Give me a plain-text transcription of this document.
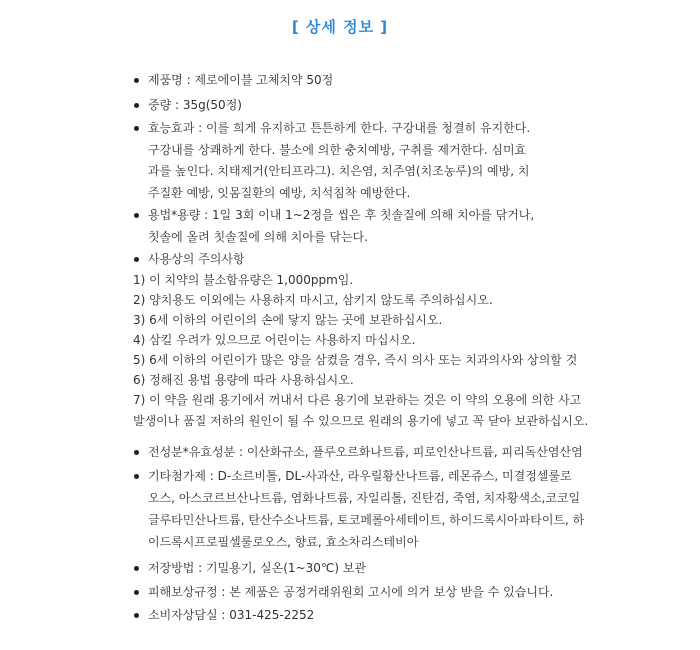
[ 상세 정보 ]
제품명 : 제로에이블 고체치약 50정
중량 : 35g(50정)
효능효과 : 이를 희게 유지하고 튼튼하게 한다. 구강내를 청결히 유지한다.
구강내를 상쾌하게 한다. 불소에 의한 충치예방, 구취를 제거한다. 심미효
과를 높인다. 치태제거(안티프라그). 치은염, 치주염(치조농루)의 예방, 치
주질환 예방, 잇몸질환의 예방, 치석침착 예방한다.
용법*용량 : 1일 3회 이내 1~2정을 씹은 후 칫솔질에 의해 치아를 닦거나,
칫솔에 올려 칫솔질에 의해 치아를 닦는다.
사용상의 주의사항
1) 이 치약의 불소함유량은 1,000ppm임.
2) 양치용도 이외에는 사용하지 마시고, 삼키지 않도록 주의하십시오.
3) 6세 이하의 어린이의 손에 닿지 않는 곳에 보관하십시오.
4) 삼킬 우려가 있으므로 어린이는 사용하지 마십시오.
5) 6세 이하의 어린이가 많은 양을 삼켰을 경우, 즉시 의사 또는 치과의사와 상의할 것
6) 정해진 용법 용량에 따라 사용하십시오.
7) 이 약을 원래 용기에서 꺼내서 다른 용기에 보관하는 것은 이 약의 오용에 의한 사고
발생이나 품질 저하의 원인이 될 수 있으므로 원래의 용기에 넣고 꼭 닫아 보관하십시오.
전성분*유효성분 : 이산화규소, 플루오르화나트륨, 피로인산나트륨, 피리독산염산염
기타첨가제 : D-소르비톨, DL-사과산, 라우릴황산나트륨, 레몬쥬스, 미결정셀룰로
오스, 아스코르브산나트륨, 염화나트륨, 자일리톨, 진탄검, 죽염, 치자황색소,코코일
글루타민산나트륨, 탄산수소나트륨, 토코페롤아세테이트, 하이드록시아파타이트, 하
이드록시프로필셀룰로오스, 향료, 효소차리스테비아
저장방법 : 기밀용기, 실온(1~30℃) 보관
피해보상규정 : 본 제품은 공정거래위원회 고시에 의거 보상 받을 수 있습니다.
소비자상담실 : 031-425-2252
